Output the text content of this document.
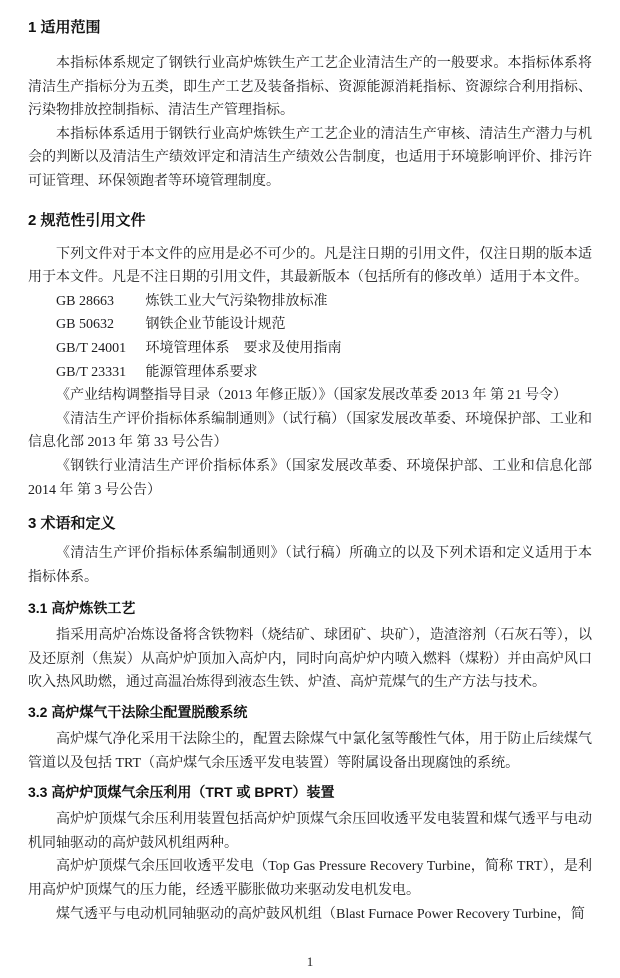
1 适用范围

本指标体系规定了钢铁行业高炉炼铁生产工艺企业清洁生产的一般要求。本指标体系将清洁生产指标分为五类，即生产工艺及装备指标、资源能源消耗指标、资源综合利用指标、污染物排放控制指标、清洁生产管理指标。

本指标体系适用于钢铁行业高炉炼铁生产工艺企业的清洁生产审核、清洁生产潜力与机会的判断以及清洁生产绩效评定和清洁生产绩效公告制度，也适用于环境影响评价、排污许可证管理、环保领跑者等环境管理制度。

2 规范性引用文件

下列文件对于本文件的应用是必不可少的。凡是注日期的引用文件，仅注日期的版本适用于本文件。凡是不注日期的引用文件，其最新版本（包括所有的修改单）适用于本文件。

GB 28663 炼铁工业大气污染物排放标准

GB 50632 钢铁企业节能设计规范

GB/T 24001 环境管理体系　要求及使用指南

GB/T 23331 能源管理体系要求

《产业结构调整指导目录（2013 年修正版）》（国家发展改革委 2013 年 第 21 号令）

《清洁生产评价指标体系编制通则》（试行稿）（国家发展改革委、环境保护部、工业和信息化部 2013 年 第 33 号公告）

《钢铁行业清洁生产评价指标体系》（国家发展改革委、环境保护部、工业和信息化部 2014 年 第 3 号公告）

3 术语和定义

《清洁生产评价指标体系编制通则》（试行稿）所确立的以及下列术语和定义适用于本指标体系。

3.1 高炉炼铁工艺

指采用高炉冶炼设备将含铁物料（烧结矿、球团矿、块矿），造渣溶剂（石灰石等），以及还原剂（焦炭）从高炉炉顶加入高炉内，同时向高炉炉内喷入燃料（煤粉）并由高炉风口吹入热风助燃，通过高温冶炼得到液态生铁、炉渣、高炉荒煤气的生产方法与技术。

3.2 高炉煤气干法除尘配置脱酸系统

高炉煤气净化采用干法除尘的，配置去除煤气中氯化氢等酸性气体，用于防止后续煤气管道以及包括 TRT（高炉煤气余压透平发电装置）等附属设备出现腐蚀的系统。

3.3 高炉炉顶煤气余压利用（TRT 或 BPRT）装置

高炉炉顶煤气余压利用装置包括高炉炉顶煤气余压回收透平发电装置和煤气透平与电动机同轴驱动的高炉鼓风机组两种。

高炉炉顶煤气余压回收透平发电（Top Gas Pressure Recovery Turbine，简称 TRT），是利用高炉炉顶煤气的压力能，经透平膨胀做功来驱动发电机发电。

煤气透平与电动机同轴驱动的高炉鼓风机组（Blast Furnace Power Recovery Turbine，简

1
